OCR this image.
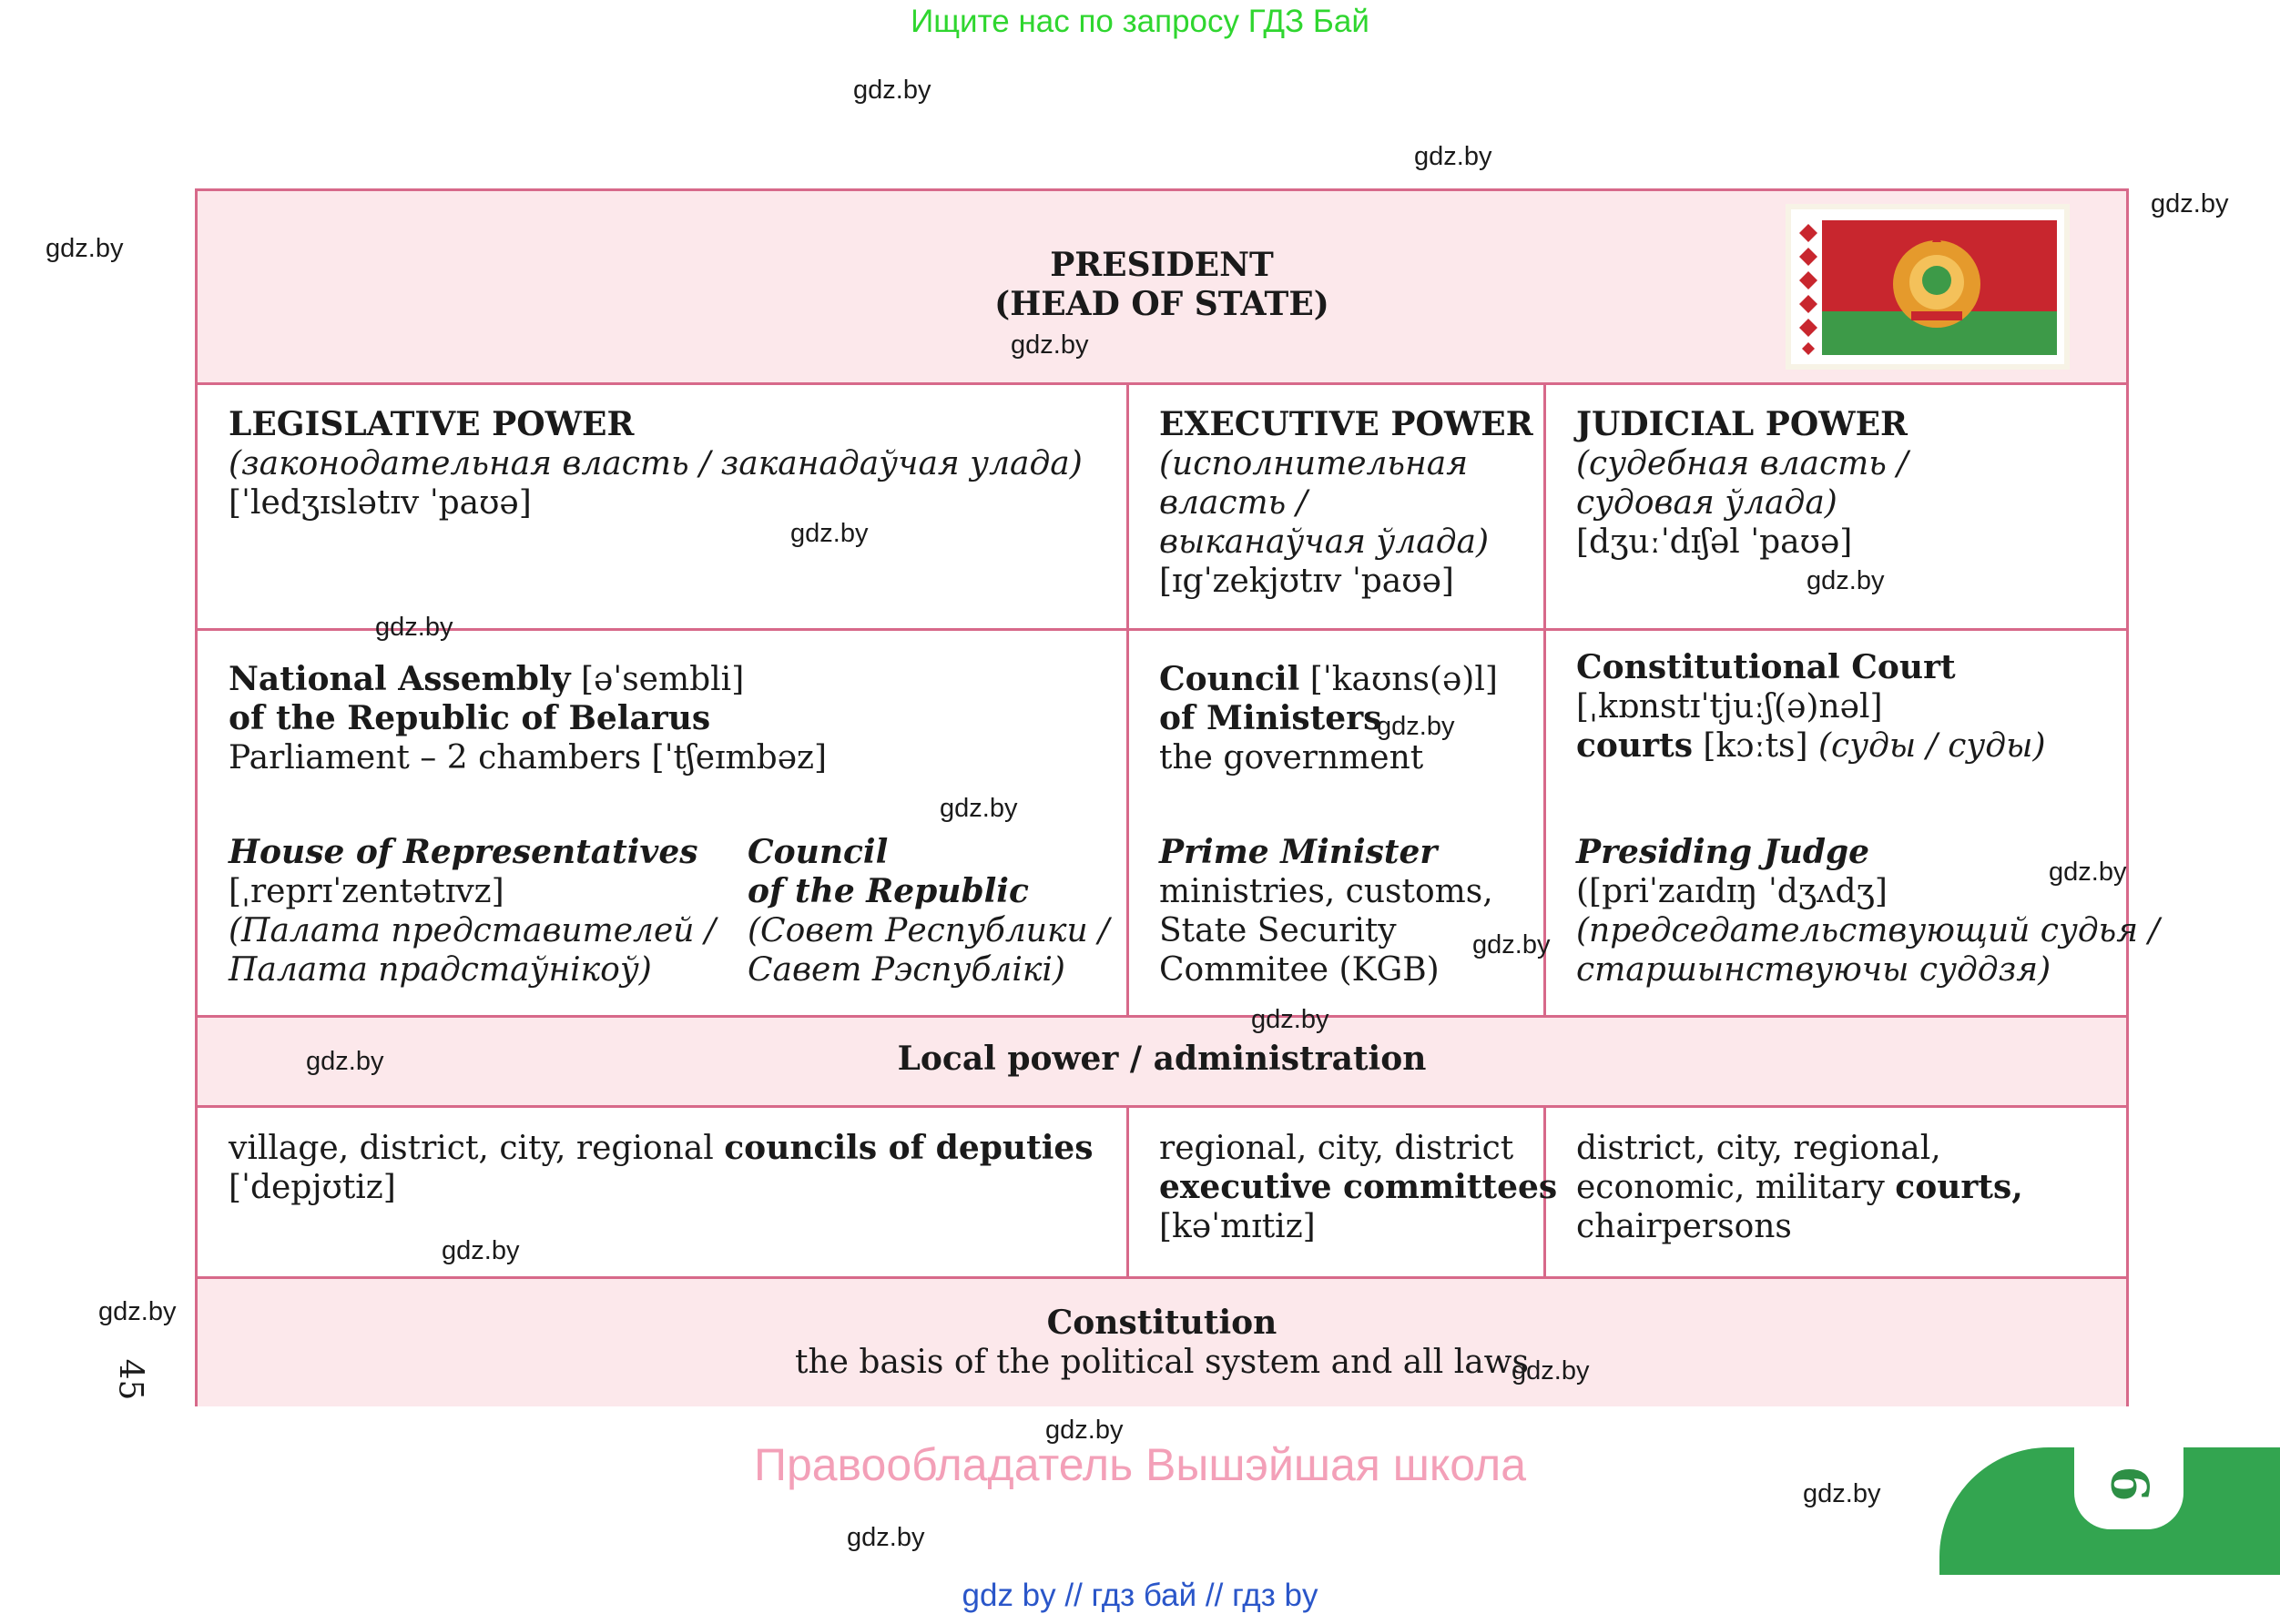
Ищите нас по запросу ГДЗ Бай
gdz.by
gdz.by
gdz.by
gdz.by	PRESIDENT
(HEAD OF STATE)
LEGISLATIVE POWER
(законодательная власть / заканадаўчая улада)
[ˈledʒɪslətɪv ˈpaʊə]
EXECUTIVE POWER
(исполнительная
власть /
выканаўчая ўлада)
[ɪgˈzekjʊtɪv ˈpaʊə]
JUDICIAL POWER
(судебная власть /
судовая ўлада)
[dʒuːˈdɪʃəl ˈpaʊə]
National Assembly [əˈsembli]
of the Republic of Belarus
Parliament – 2 chambers [ˈtʃeɪmbəz]
House of Representatives
[ˌreprɪˈzentətɪvz]
(Палата представителей /
Палата прадстаўнікоў)
Council
of the Republic
(Совет Республики /
Савет Рэспублікі)
Council [ˈkaʊns(ə)l]
of Ministers
the government
Prime Minister
ministries, customs,
State Security
Commitee (KGB)
Constitutional Court
[ˌkɒnstɪˈtjuːʃ(ə)nəl]
courts [kɔːts] (суды / суды)
Presiding Judge
([priˈzaɪdɪŋ ˈdʒʌdʒ]
(председательствующий судья /
старшынствуючы суддзя)
Local power / administration
village, district, city, regional councils of deputies
[ˈdepjʊtiz]
regional, city, district
executive committees
[kəˈmɪtiz]
district, city, regional,
economic, military courts,
chairpersons
Constitution
the basis of the political system and all laws
gdz.by
gdz.by
gdz.by
gdz.by
gdz.by
gdz.by
gdz.by
gdz.by
gdz.by
gdz.by
gdz.by
gdz.by
gdz.by
gdz.by
gdz.by
gdz.by
45
Правообладатель Вышэйшая школа	6
gdz by // гдз бай // гдз by
